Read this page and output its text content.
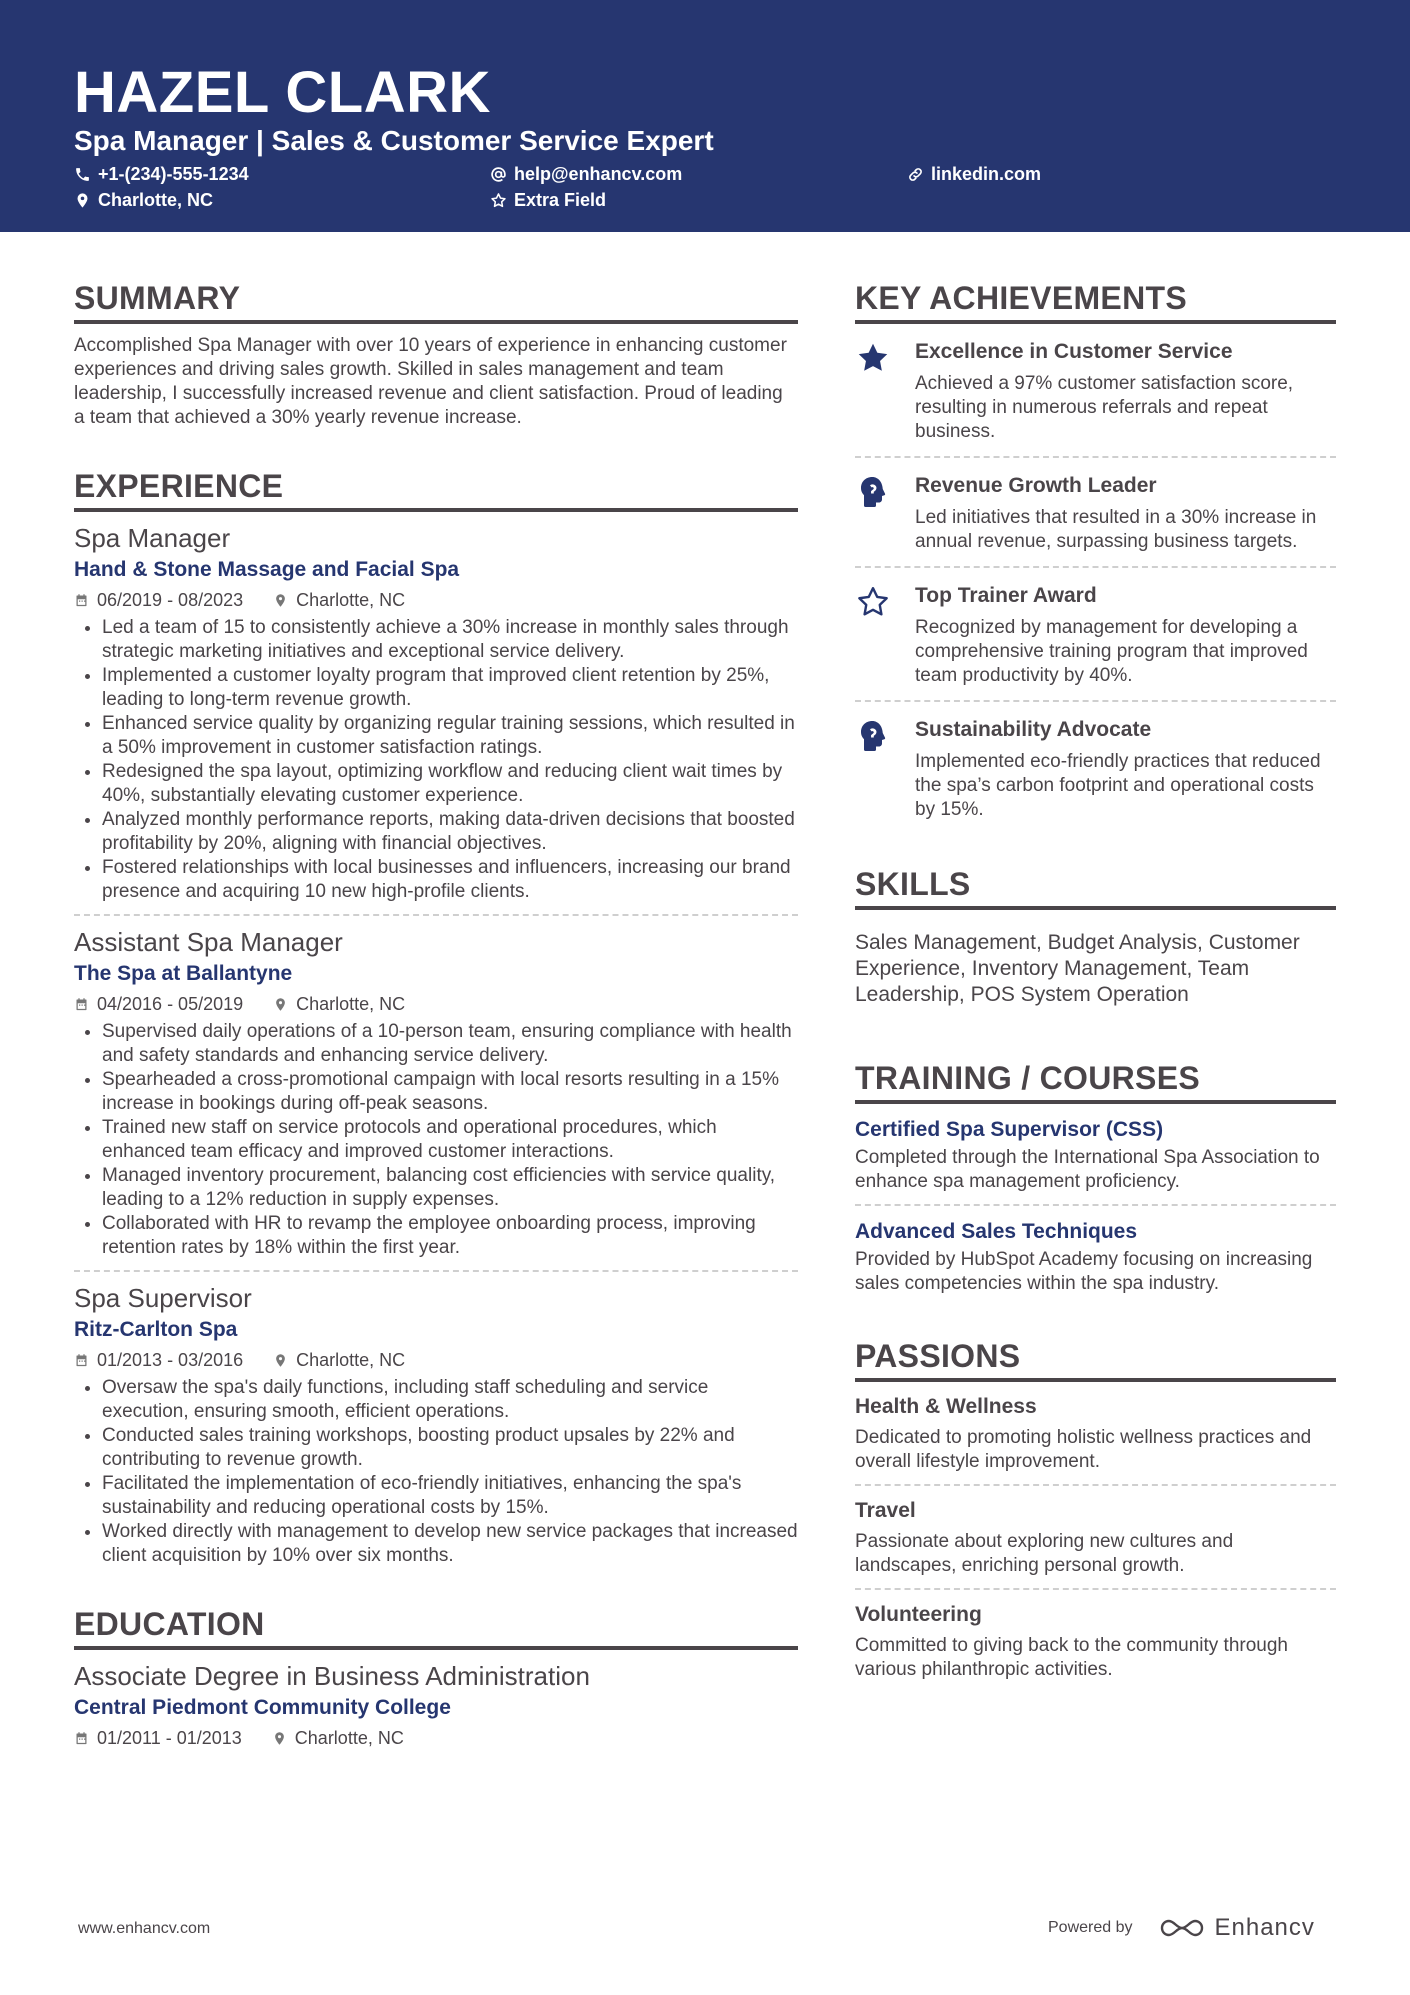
HAZEL CLARK
Spa Manager | Sales & Customer Service Expert
+1-(234)-555-1234	help@enhancv.com	linkedin.com
Charlotte, NC	Extra Field
SUMMARY
Accomplished Spa Manager with over 10 years of experience in enhancing customer experiences and driving sales growth. Skilled in sales management and team leadership, I successfully increased revenue and client satisfaction. Proud of leading a team that achieved a 30% yearly revenue increase.
EXPERIENCE
Spa Manager
Hand & Stone Massage and Facial Spa
06/2019 - 08/2023	Charlotte, NC
• Led a team of 15 to consistently achieve a 30% increase in monthly sales through strategic marketing initiatives and exceptional service delivery.
• Implemented a customer loyalty program that improved client retention by 25%, leading to long-term revenue growth.
• Enhanced service quality by organizing regular training sessions, which resulted in a 50% improvement in customer satisfaction ratings.
• Redesigned the spa layout, optimizing workflow and reducing client wait times by 40%, substantially elevating customer experience.
• Analyzed monthly performance reports, making data-driven decisions that boosted profitability by 20%, aligning with financial objectives.
• Fostered relationships with local businesses and influencers, increasing our brand presence and acquiring 10 new high-profile clients.
Assistant Spa Manager
The Spa at Ballantyne
04/2016 - 05/2019	Charlotte, NC
• Supervised daily operations of a 10-person team, ensuring compliance with health and safety standards and enhancing service delivery.
• Spearheaded a cross-promotional campaign with local resorts resulting in a 15% increase in bookings during off-peak seasons.
• Trained new staff on service protocols and operational procedures, which enhanced team efficacy and improved customer interactions.
• Managed inventory procurement, balancing cost efficiencies with service quality, leading to a 12% reduction in supply expenses.
• Collaborated with HR to revamp the employee onboarding process, improving retention rates by 18% within the first year.
Spa Supervisor
Ritz-Carlton Spa
01/2013 - 03/2016	Charlotte, NC
• Oversaw the spa's daily functions, including staff scheduling and service execution, ensuring smooth, efficient operations.
• Conducted sales training workshops, boosting product upsales by 22% and contributing to revenue growth.
• Facilitated the implementation of eco-friendly initiatives, enhancing the spa's sustainability and reducing operational costs by 15%.
• Worked directly with management to develop new service packages that increased client acquisition by 10% over six months.
EDUCATION
Associate Degree in Business Administration
Central Piedmont Community College
01/2011 - 01/2013	Charlotte, NC
KEY ACHIEVEMENTS
Excellence in Customer Service
Achieved a 97% customer satisfaction score, resulting in numerous referrals and repeat business.
Revenue Growth Leader
Led initiatives that resulted in a 30% increase in annual revenue, surpassing business targets.
Top Trainer Award
Recognized by management for developing a comprehensive training program that improved team productivity by 40%.
Sustainability Advocate
Implemented eco-friendly practices that reduced the spa’s carbon footprint and operational costs by 15%.
SKILLS
Sales Management, Budget Analysis, Customer Experience, Inventory Management, Team Leadership, POS System Operation
TRAINING / COURSES
Certified Spa Supervisor (CSS)
Completed through the International Spa Association to enhance spa management proficiency.
Advanced Sales Techniques
Provided by HubSpot Academy focusing on increasing sales competencies within the spa industry.
PASSIONS
Health & Wellness
Dedicated to promoting holistic wellness practices and overall lifestyle improvement.
Travel
Passionate about exploring new cultures and landscapes, enriching personal growth.
Volunteering
Committed to giving back to the community through various philanthropic activities.
www.enhancv.com	Powered by	Enhancv
